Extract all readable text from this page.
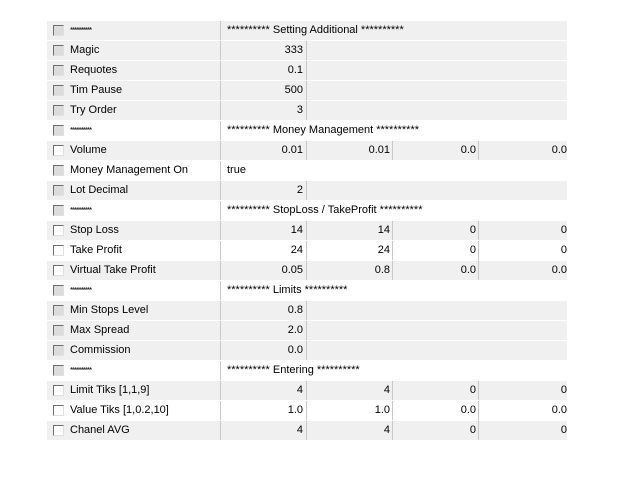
**********	********** Setting Additional **********
Magic	333
Requotes	0.1
Tim Pause	500
Try Order	3
**********	********** Money Management **********
Volume	0.01	0.01	0.0	0.0
Money Management On	true
Lot Decimal	2
**********	********** StopLoss / TakeProfit **********
Stop Loss	14	14	0	0
Take Profit	24	24	0	0
Virtual Take Profit	0.05	0.8	0.0	0.0
**********	********** Limits **********
Min Stops Level	0.8
Max Spread	2.0
Commission	0.0
**********	********** Entering **********
Limit Tiks [1,1,9]	4	4	0	0
Value Tiks [1,0.2,10]	1.0	1.0	0.0	0.0
Chanel AVG	4	4	0	0
